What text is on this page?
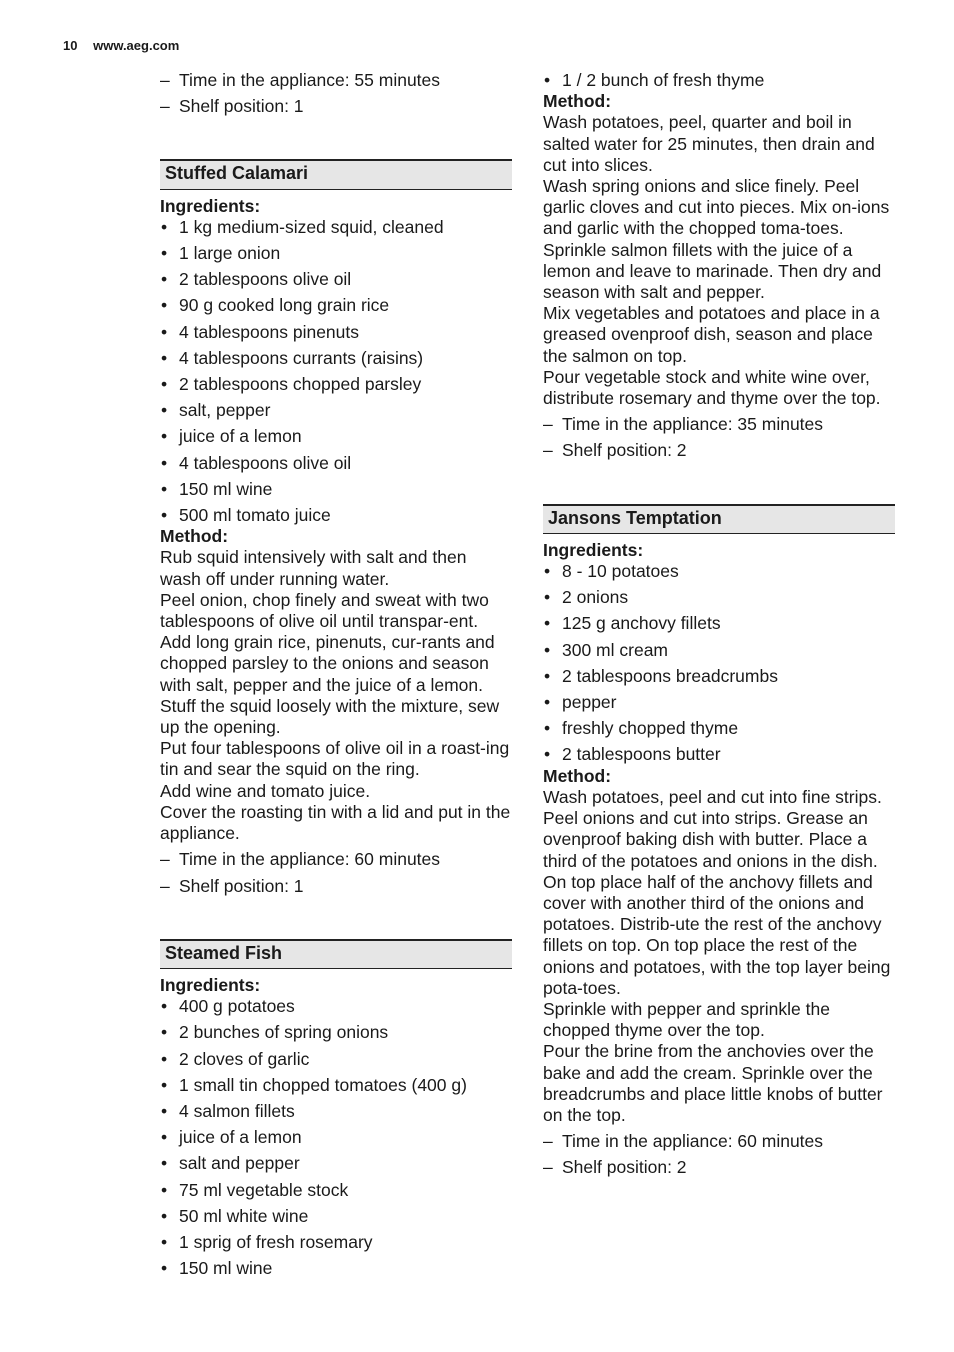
10 www.aeg.com
– Time in the appliance: 55 minutes
– Shelf position: 1
Stuffed Calamari

Ingredients:

• 1 kg medium-sized squid, cleaned
• 1 large onion
• 2 tablespoons olive oil
• 90 g cooked long grain rice
• 4 tablespoons pinenuts
• 4 tablespoons currants (raisins)
• 2 tablespoons chopped parsley
• salt, pepper
• juice of a lemon
• 4 tablespoons olive oil
• 150 ml wine
• 500 ml tomato juice

Method:

Rub squid intensively with salt and then wash off under running water.

Peel onion, chop finely and sweat with two tablespoons of olive oil until transpar-ent. Add long grain rice, pinenuts, cur-rants and chopped parsley to the onions and season with salt, pepper and the juice of a lemon. Stuff the squid loosely with the mixture, sew up the opening.

Put four tablespoons of olive oil in a roast-ing tin and sear the squid on the ring.

Add wine and tomato juice.

Cover the roasting tin with a lid and put in the appliance.

– Time in the appliance: 60 minutes
– Shelf position: 1
Steamed Fish

Ingredients:

• 400 g potatoes
• 2 bunches of spring onions
• 2 cloves of garlic
• 1 small tin chopped tomatoes (400 g)
• 4 salmon fillets
• juice of a lemon
• salt and pepper
• 75 ml vegetable stock
• 50 ml white wine
• 1 sprig of fresh rosemary
• 150 ml wine
• 1 / 2 bunch of fresh thyme

Method:

Wash potatoes, peel, quarter and boil in salted water for 25 minutes, then drain and cut into slices.

Wash spring onions and slice finely. Peel garlic cloves and cut into pieces. Mix on-ions and garlic with the chopped toma-toes.

Sprinkle salmon fillets with the juice of a lemon and leave to marinade. Then dry and season with salt and pepper.

Mix vegetables and potatoes and place in a greased ovenproof dish, season and place the salmon on top.

Pour vegetable stock and white wine over, distribute rosemary and thyme over the top.

– Time in the appliance: 35 minutes
– Shelf position: 2
Jansons Temptation

Ingredients:

• 8 - 10 potatoes
• 2 onions
• 125 g anchovy fillets
• 300 ml cream
• 2 tablespoons breadcrumbs
• pepper
• freshly chopped thyme
• 2 tablespoons butter

Method:

Wash potatoes, peel and cut into fine strips. Peel onions and cut into strips. Grease an ovenproof baking dish with butter. Place a third of the potatoes and onions in the dish. On top place half of the anchovy fillets and cover with another third of the onions and potatoes. Distrib-ute the rest of the anchovy fillets on top. On top place the rest of the onions and potatoes, with the top layer being pota-toes.

Sprinkle with pepper and sprinkle the chopped thyme over the top.

Pour the brine from the anchovies over the bake and add the cream. Sprinkle over the breadcrumbs and place little knobs of butter on the top.

– Time in the appliance: 60 minutes
– Shelf position: 2
